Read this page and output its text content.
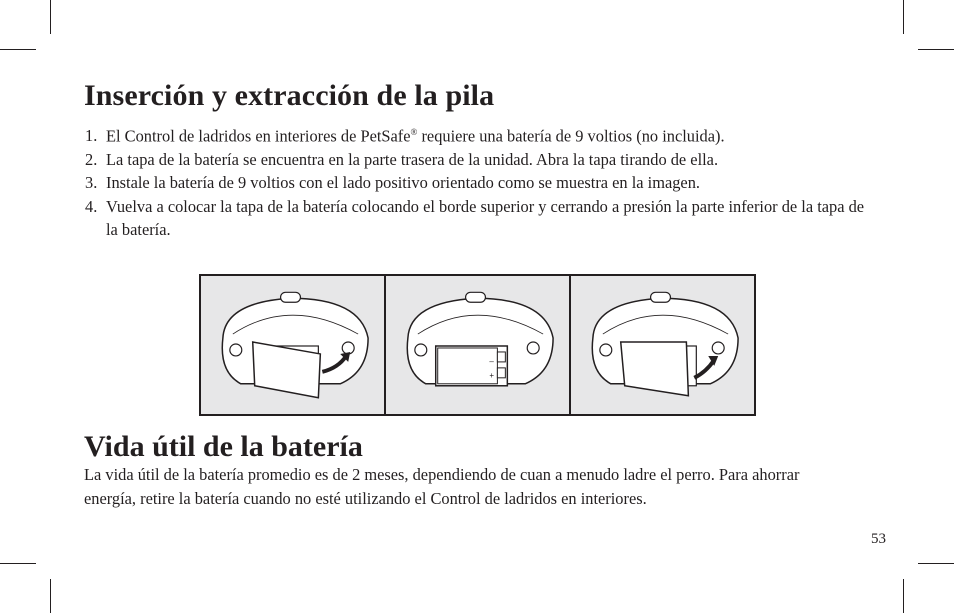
Inserción y extracción de la pila
1. El Control de ladridos en interiores de PetSafe® requiere una batería de 9 voltios (no incluida).
2. La tapa de la batería se encuentra en la parte trasera de la unidad. Abra la tapa tirando de ella.
3. Instale la batería de 9 voltios con el lado positivo orientado como se muestra en la imagen.
4. Vuelva a colocar la tapa de la batería colocando el borde superior y cerrando a presión la parte inferior de la tapa de la batería.
–
+
Vida útil de la batería

La vida útil de la batería promedio es de 2 meses, dependiendo de cuan a menudo ladre el perro. Para ahorrar energía, retire la batería cuando no esté utilizando el Control de ladridos en interiores.

53
